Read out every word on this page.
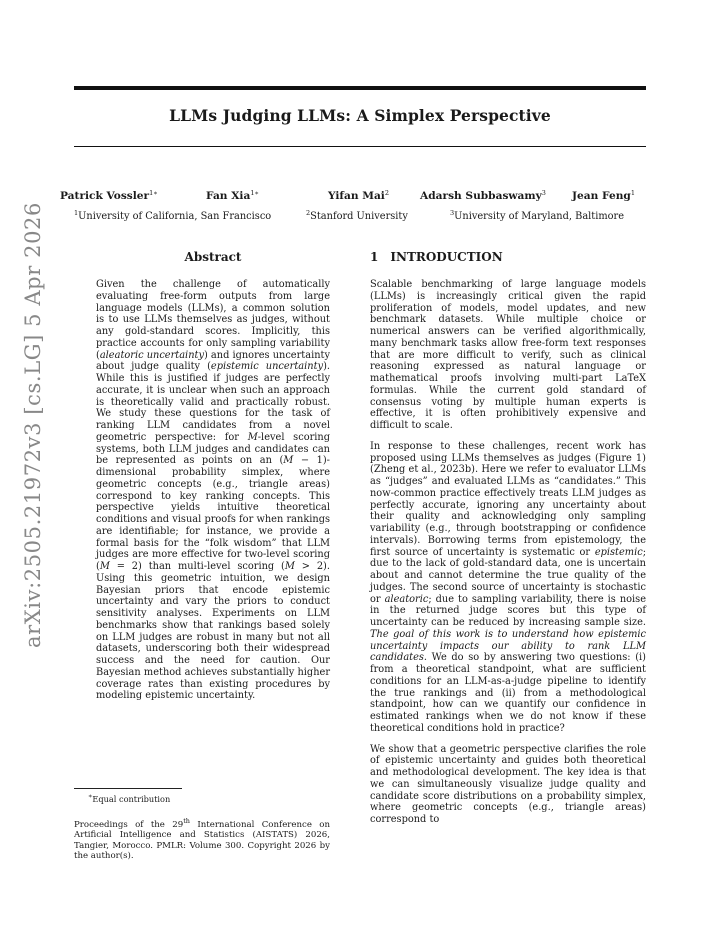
LLMs Judging LLMs: A Simplex Perspective
Patrick Vossler$^{1∗}$	Fan Xia$^{1∗}$	Yifan Mai$^2$	Adarsh Subbaswamy$^3$ Jean Feng$^1$
$^1$University of California, San Francisco	$^2$Stanford University	$^3$University of Maryland, Baltimore
arXiv:2505.21972v3 [cs.LG] 5 Apr 2026	Abstract
Given the challenge of automatically evaluating free-form outputs from large language models (LLMs), a common solution is to use LLMs themselves as judges, without any gold-standard scores. Implicitly, this practice accounts for only sampling variability (aleatoric uncertainty) and ignores uncertainty about judge quality (epistemic uncertainty). While this is justified if judges are perfectly accurate, it is unclear when such an approach is theoretically valid and practically robust. We study these questions for the task of ranking LLM candidates from a novel geometric perspective: for M-level scoring systems, both LLM judges and candidates can be represented as points on an (M − 1)-dimensional probability simplex, where geometric concepts (e.g., triangle areas) correspond to key ranking concepts. This perspective yields intuitive theoretical conditions and visual proofs for when rankings are identifiable; for instance, we provide a formal basis for the “folk wisdom” that LLM judges are more effective for two-level scoring (M = 2) than multi-level scoring (M > 2). Using this geometric intuition, we design Bayesian priors that encode epistemic uncertainty and vary the priors to conduct sensitivity analyses. Experiments on LLM benchmarks show that rankings based solely on LLM judges are robust in many but not all datasets, underscoring both their widespread success and the need for caution. Our Bayesian method achieves substantially higher coverage rates than existing procedures by modeling epistemic uncertainty.
∗Equal contribution
Proceedings of the 29th International Conference on Artificial Intelligence and Statistics (AISTATS) 2026, Tangier, Morocco. PMLR: Volume 300. Copyright 2026 by the author(s).
1 INTRODUCTION

Scalable benchmarking of large language models (LLMs) is increasingly critical given the rapid proliferation of models, model updates, and new benchmark datasets. While multiple choice or numerical answers can be verified algorithmically, many benchmark tasks allow free-form text responses that are more difficult to verify, such as clinical reasoning expressed as natural language or mathematical proofs involving multi-part LaTeX formulas. While the current gold standard of consensus voting by multiple human experts is effective, it is often prohibitively expensive and difficult to scale.

In response to these challenges, recent work has proposed using LLMs themselves as judges (Figure 1) (Zheng et al., 2023b). Here we refer to evaluator LLMs as “judges” and evaluated LLMs as “candidates.” This now-common practice effectively treats LLM judges as perfectly accurate, ignoring any uncertainty about their quality and acknowledging only sampling variability (e.g., through bootstrapping or confidence intervals). Borrowing terms from epistemology, the first source of uncertainty is systematic or epistemic; due to the lack of gold-standard data, one is uncertain about and cannot determine the true quality of the judges. The second source of uncertainty is stochastic or aleatoric; due to sampling variability, there is noise in the returned judge scores but this type of uncertainty can be reduced by increasing sample size. The goal of this work is to understand how epistemic uncertainty impacts our ability to rank LLM candidates. We do so by answering two questions: (i) from a theoretical standpoint, what are sufficient conditions for an LLM-as-a-judge pipeline to identify the true rankings and (ii) from a methodological standpoint, how can we quantify our confidence in estimated rankings when we do not know if these theoretical conditions hold in practice?

We show that a geometric perspective clarifies the role of epistemic uncertainty and guides both theoretical and methodological development. The key idea is that we can simultaneously visualize judge quality and candidate score distributions on a probability simplex, where geometric concepts (e.g., triangle areas) correspond to
